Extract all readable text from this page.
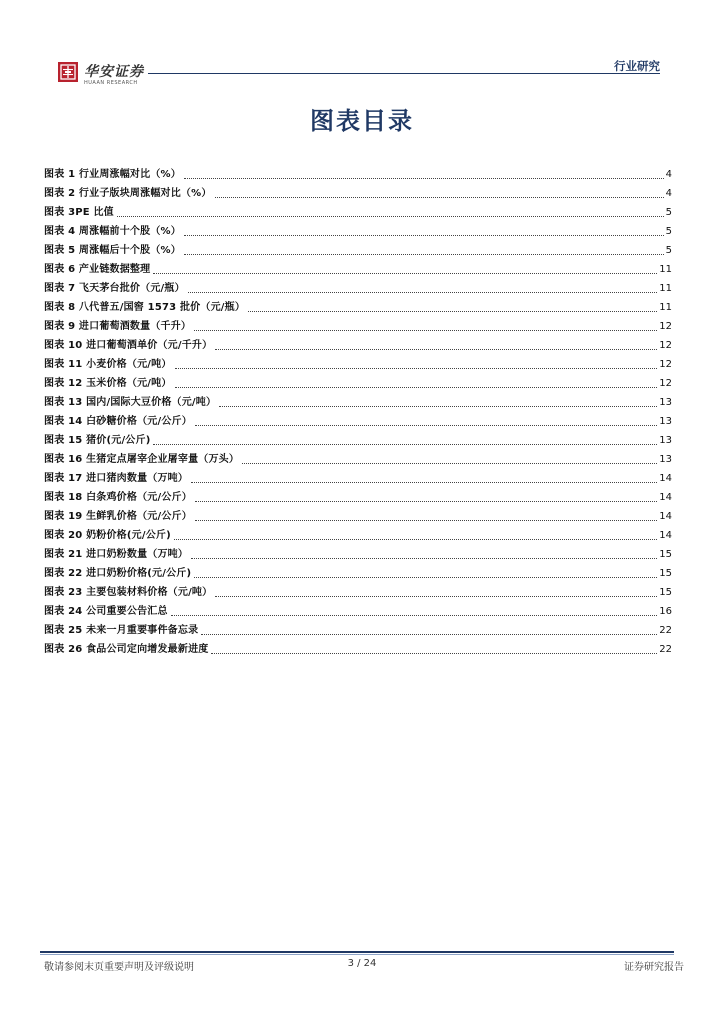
华安证券
HUAAN RESEARCH
行业研究
图表目录
图表 1 行业周涨幅对比（%）	4
图表 2 行业子版块周涨幅对比（%）	4
图表 3PE 比值	5
图表 4 周涨幅前十个股（%）	5
图表 5 周涨幅后十个股（%）	5
图表 6 产业链数据整理	11
图表 7 飞天茅台批价（元/瓶）	11
图表 8 八代普五/国窖 1573 批价（元/瓶）	11
图表 9 进口葡萄酒数量（千升）	12
图表 10 进口葡萄酒单价（元/千升）	12
图表 11 小麦价格（元/吨）	12
图表 12 玉米价格（元/吨）	12
图表 13 国内/国际大豆价格（元/吨）	13
图表 14 白砂糖价格（元/公斤）	13
图表 15 猪价(元/公斤)	13
图表 16 生猪定点屠宰企业屠宰量（万头）	13
图表 17 进口猪肉数量（万吨）	14
图表 18 白条鸡价格（元/公斤）	14
图表 19 生鲜乳价格（元/公斤）	14
图表 20 奶粉价格(元/公斤)	14
图表 21 进口奶粉数量（万吨）	15
图表 22 进口奶粉价格(元/公斤)	15
图表 23 主要包装材料价格（元/吨）	15
图表 24 公司重要公告汇总	16
图表 25 未来一月重要事件备忘录	22
图表 26 食品公司定向增发最新进度	22
敬请参阅末页重要声明及评级说明	3 / 24	证券研究报告
